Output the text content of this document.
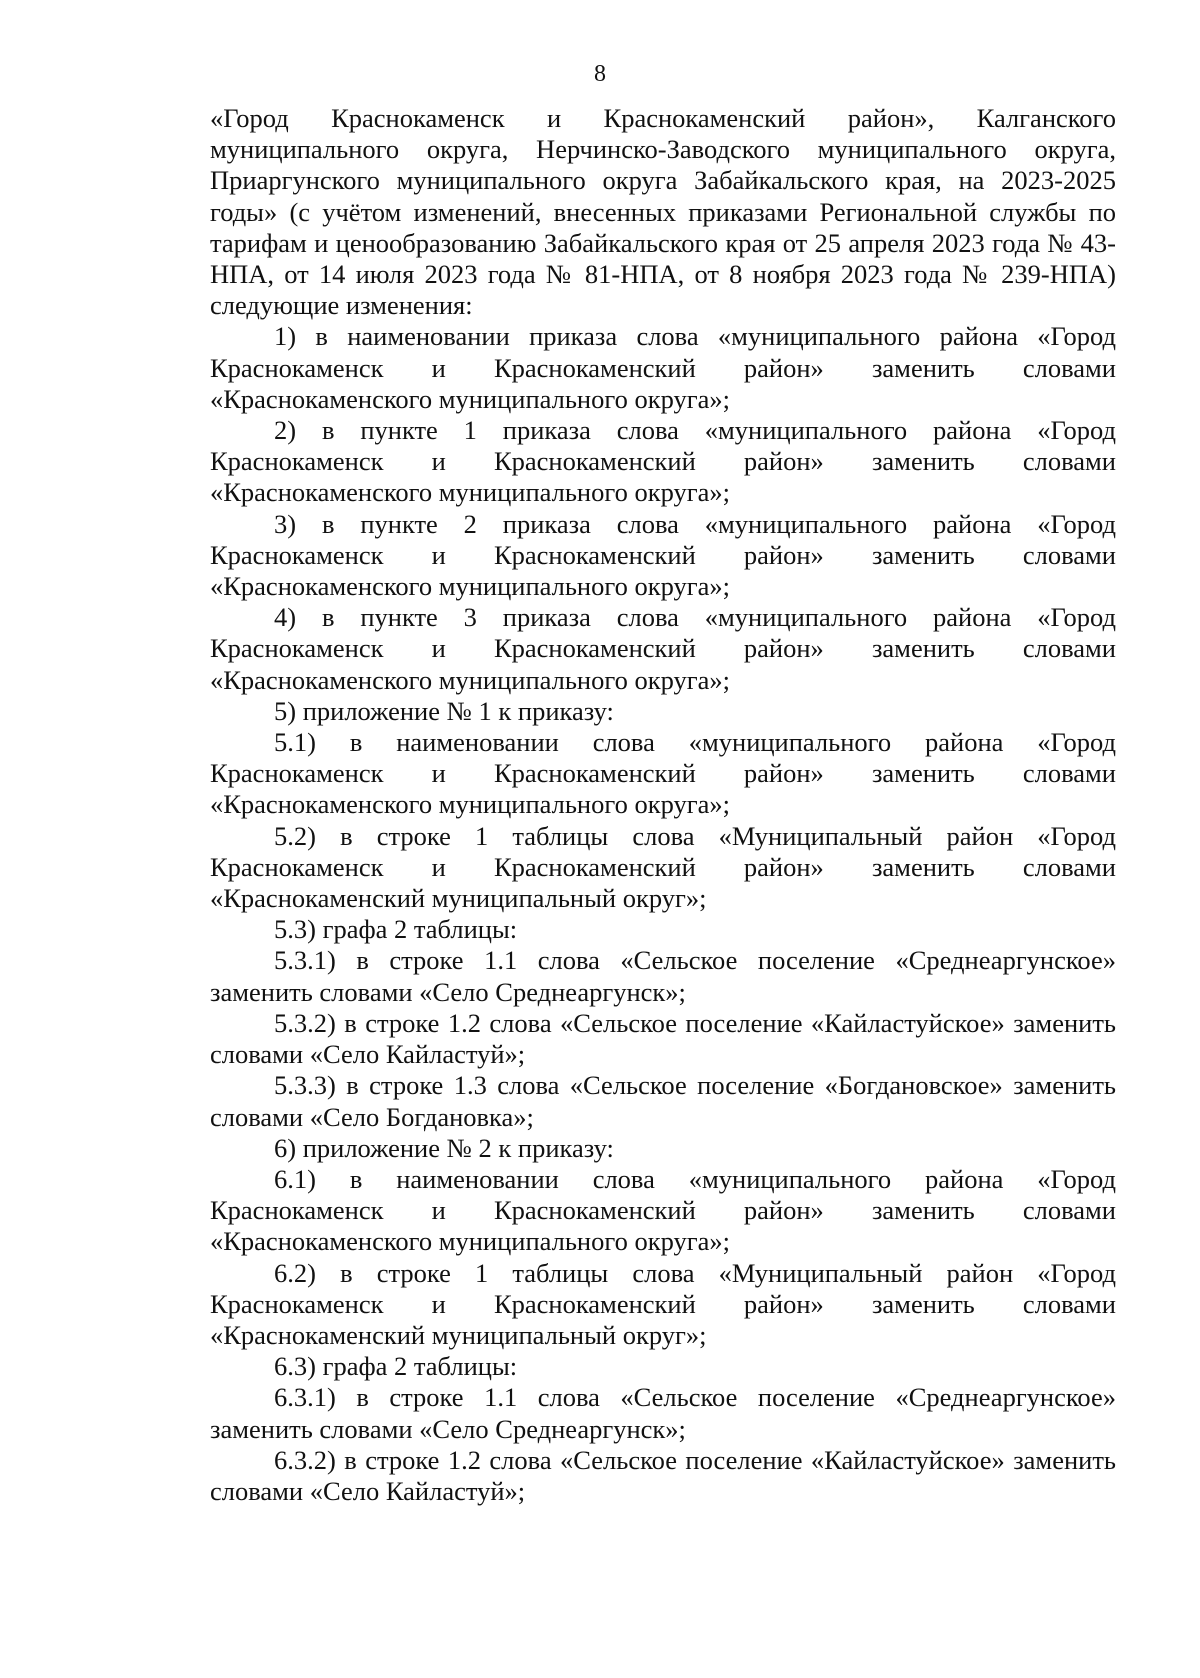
8

«Город Краснокаменск и Краснокаменский район», Калганского муниципального округа, Нерчинско-Заводского муниципального округа, Приаргунского муниципального округа Забайкальского края, на 2023-2025 годы» (с учётом изменений, внесенных приказами Региональной службы по тарифам и ценообразованию Забайкальского края от 25 апреля 2023 года № 43-НПА, от 14 июля 2023 года № 81-НПА, от 8 ноября 2023 года № 239-НПА) следующие изменения:

1) в наименовании приказа слова «муниципального района «Город Краснокаменск и Краснокаменский район» заменить словами «Краснокаменского муниципального округа»;

2) в пункте 1 приказа слова «муниципального района «Город Краснокаменск и Краснокаменский район» заменить словами «Краснокаменского муниципального округа»;

3) в пункте 2 приказа слова «муниципального района «Город Краснокаменск и Краснокаменский район» заменить словами «Краснокаменского муниципального округа»;

4) в пункте 3 приказа слова «муниципального района «Город Краснокаменск и Краснокаменский район» заменить словами «Краснокаменского муниципального округа»;

5) приложение № 1 к приказу:

5.1) в наименовании слова «муниципального района «Город Краснокаменск и Краснокаменский район» заменить словами «Краснокаменского муниципального округа»;

5.2) в строке 1 таблицы слова «Муниципальный район «Город Краснокаменск и Краснокаменский район» заменить словами «Краснокаменский муниципальный округ»;

5.3) графа 2 таблицы:

5.3.1) в строке 1.1 слова «Сельское поселение «Среднеаргунское» заменить словами «Село Среднеаргунск»;

5.3.2) в строке 1.2 слова «Сельское поселение «Кайластуйское» заменить словами «Село Кайластуй»;

5.3.3) в строке 1.3 слова «Сельское поселение «Богдановское» заменить словами «Село Богдановка»;

6) приложение № 2 к приказу:

6.1) в наименовании слова «муниципального района «Город Краснокаменск и Краснокаменский район» заменить словами «Краснокаменского муниципального округа»;

6.2) в строке 1 таблицы слова «Муниципальный район «Город Краснокаменск и Краснокаменский район» заменить словами «Краснокаменский муниципальный округ»;

6.3) графа 2 таблицы:

6.3.1) в строке 1.1 слова «Сельское поселение «Среднеаргунское» заменить словами «Село Среднеаргунск»;

6.3.2) в строке 1.2 слова «Сельское поселение «Кайластуйское» заменить словами «Село Кайластуй»;
